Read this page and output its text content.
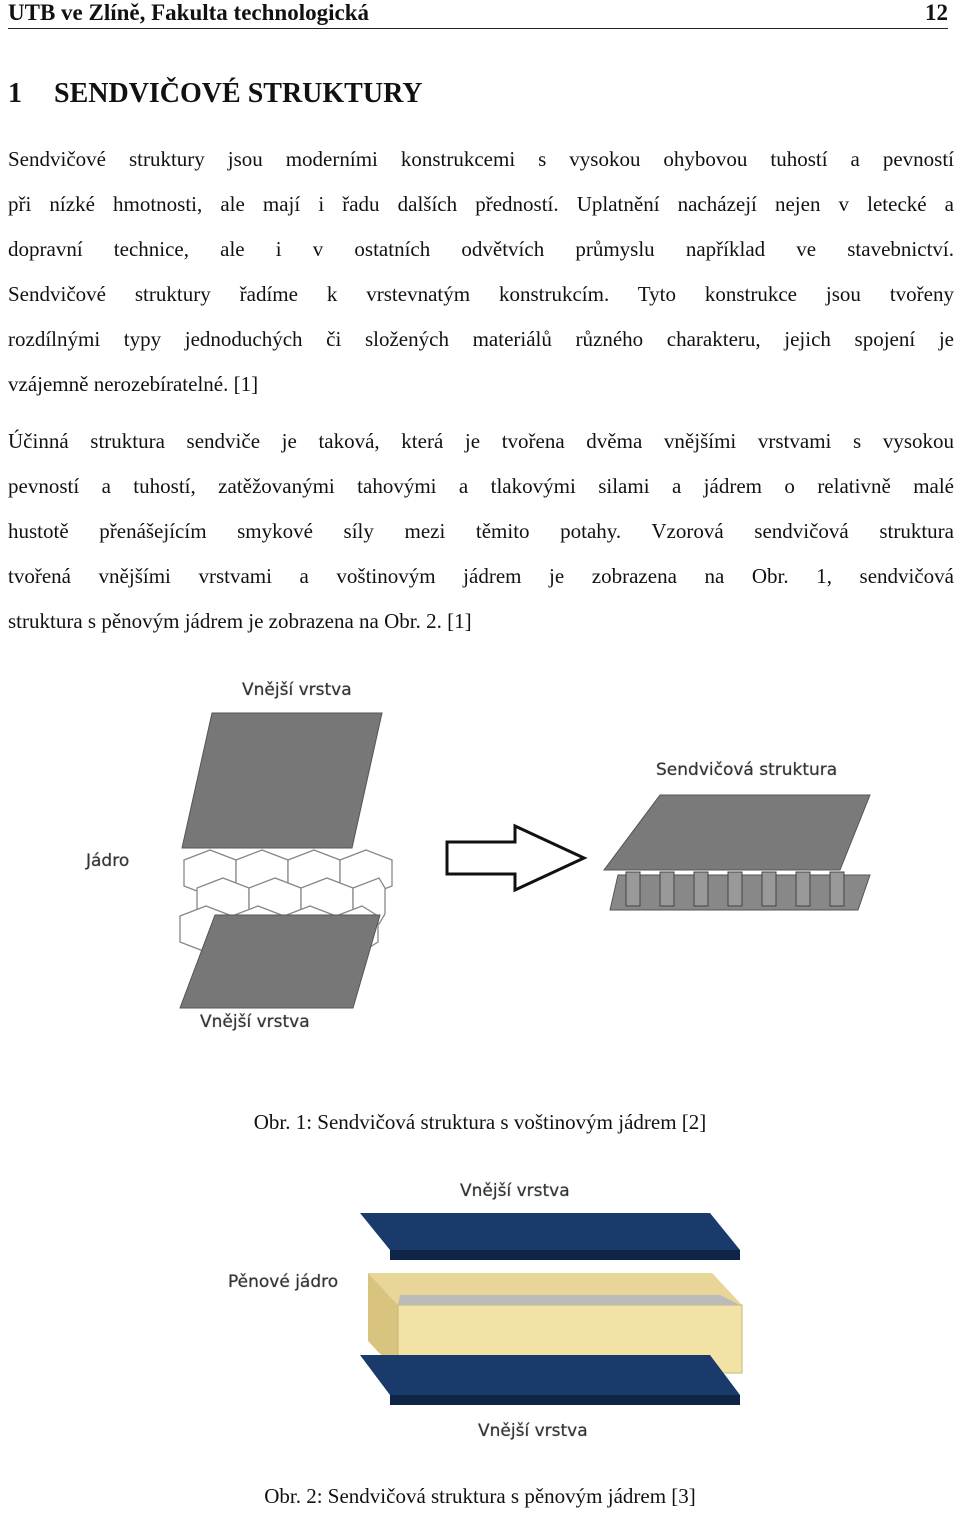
UTB ve Zlíně, Fakulta technologická	12
1 SENDVIČOVÉ STRUKTURY
Sendvičové struktury jsou moderními konstrukcemi s vysokou ohybovou tuhostí a pevností
při nízké hmotnosti, ale mají i řadu dalších předností. Uplatnění nacházejí nejen v letecké a
dopravní technice, ale i v ostatních odvětvích průmyslu například ve stavebnictví.
Sendvičové struktury řadíme k vrstevnatým konstrukcím. Tyto konstrukce jsou tvořeny
rozdílnými typy jednoduchých či složených materiálů různého charakteru, jejich spojení je
vzájemně nerozebíratelné. [1]
Účinná struktura sendviče je taková, která je tvořena dvěma vnějšími vrstvami s vysokou
pevností a tuhostí, zatěžovanými tahovými a tlakovými silami a jádrem o relativně malé
hustotě přenášejícím smykové síly mezi těmito potahy. Vzorová sendvičová struktura
tvořená vnějšími vrstvami a voštinovým jádrem je zobrazena na Obr. 1, sendvičová
struktura s pěnovým jádrem je zobrazena na Obr. 2. [1]
Vnější vrstva
Jádro
Vnější vrstva
Sendvičová struktura
Obr. 1: Sendvičová struktura s voštinovým jádrem [2]
Vnější vrstva
Pěnové jádro
Vnější vrstva
Obr. 2: Sendvičová struktura s pěnovým jádrem [3]
